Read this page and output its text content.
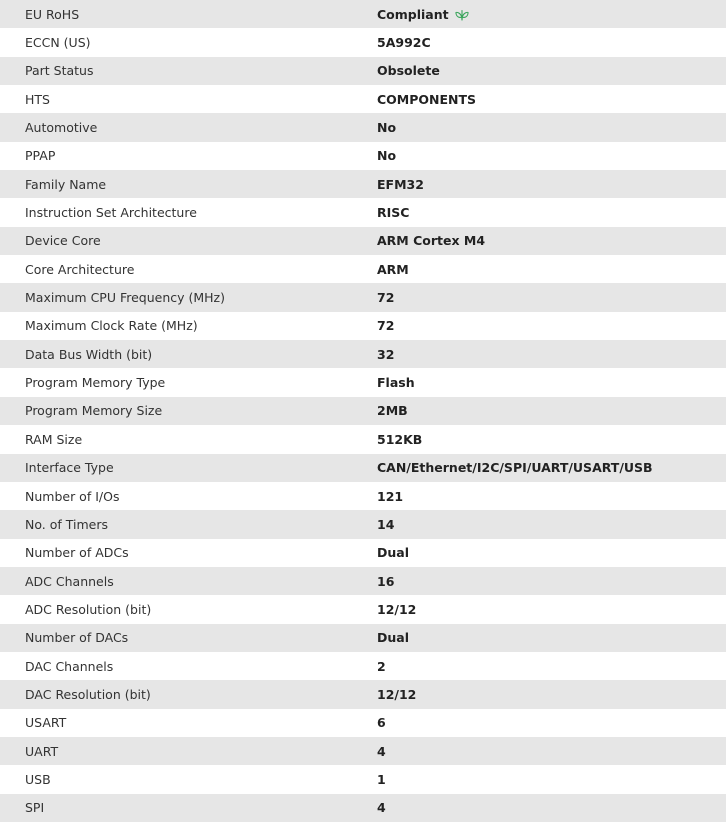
EU RoHS	Compliant
ECCN (US)	5A992C
Part Status	Obsolete
HTS	COMPONENTS
Automotive	No
PPAP	No
Family Name	EFM32
Instruction Set Architecture	RISC
Device Core	ARM Cortex M4
Core Architecture	ARM
Maximum CPU Frequency (MHz)	72
Maximum Clock Rate (MHz)	72
Data Bus Width (bit)	32
Program Memory Type	Flash
Program Memory Size	2MB
RAM Size	512KB
Interface Type	CAN/Ethernet/I2C/SPI/UART/USART/USB
Number of I/Os	121
No. of Timers	14
Number of ADCs	Dual
ADC Channels	16
ADC Resolution (bit)	12/12
Number of DACs	Dual
DAC Channels	2
DAC Resolution (bit)	12/12
USART	6
UART	4
USB	1
SPI	4
